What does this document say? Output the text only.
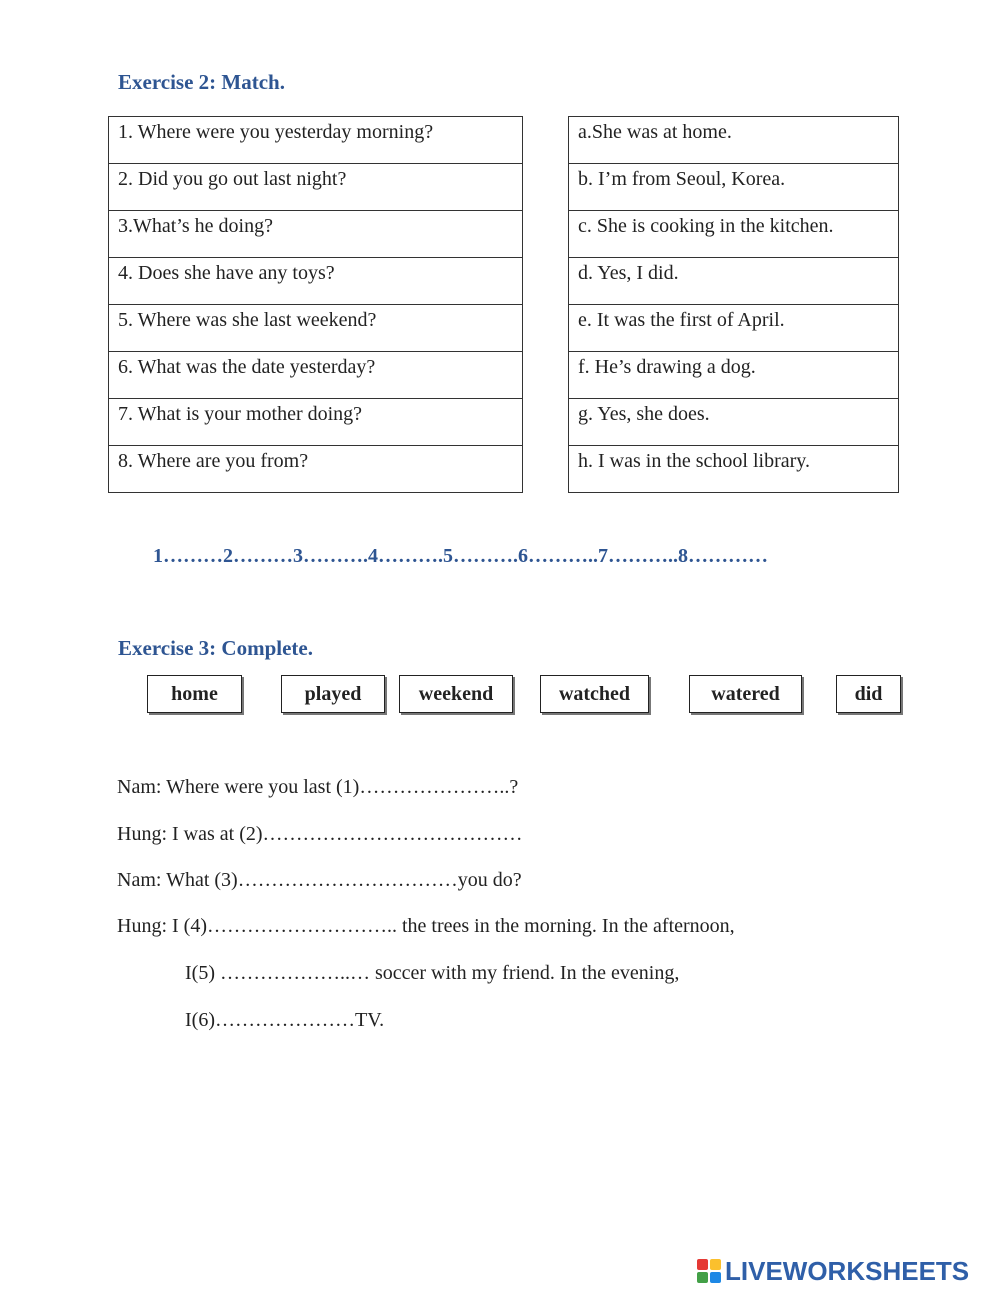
Exercise 2: Match.
1. Where were you yesterday morning?
2. Did you go out last night?
3.What’s he doing?
4. Does she have any toys?
5. Where was she last weekend?
6. What was the date yesterday?
7. What is your mother doing?
8. Where are you from?
a.She was at home.
b. I’m from Seoul, Korea.
c. She is cooking in the kitchen.
d. Yes, I did.
e. It was the first of April.
f. He’s drawing a dog.
g. Yes, she does.
h. I was in the school library.
1………2………3……….4……….5……….6………..7………..8…………
Exercise 3: Complete.
home	played	weekend	watched	watered	did
Nam: Where were you last (1)…………………..?
Hung: I was at (2)…………………………………
Nam: What (3)……………………………you do?
Hung: I (4)……………………….. the trees in the morning. In the afternoon,
I(5) ………………..… soccer with my friend. In the evening,
I(6)…………………TV.
LIVEWORKSHEETS
